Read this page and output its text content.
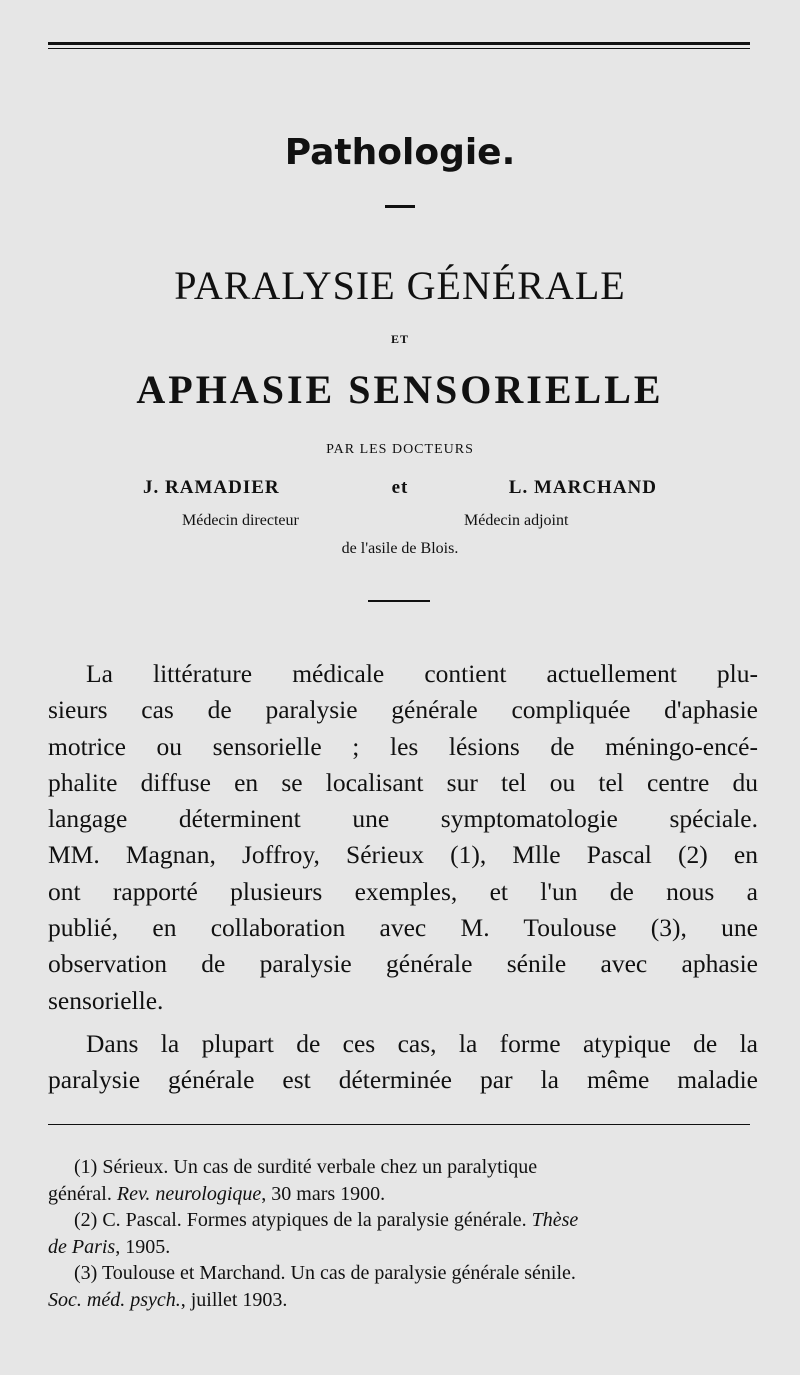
Pathologie.
PARALYSIE GÉNÉRALE
ET
APHASIE SENSORIELLE
PAR LES DOCTEURS
J. RAMADIER	et	L. MARCHAND
Médecin directeur	Médecin adjoint
de l'asile de Blois.
La littérature médicale contient actuellement plu-
sieurs cas de paralysie générale compliquée d'aphasie
motrice ou sensorielle ; les lésions de méningo-encé-
phalite diffuse en se localisant sur tel ou tel centre du
langage déterminent une symptomatologie spéciale.
MM. Magnan, Joffroy, Sérieux (1), Mlle Pascal (2) en
ont rapporté plusieurs exemples, et l'un de nous a
publié, en collaboration avec M. Toulouse (3), une
observation de paralysie générale sénile avec aphasie
sensorielle.
Dans la plupart de ces cas, la forme atypique de la
paralysie générale est déterminée par la même maladie
(1) Sérieux. Un cas de surdité verbale chez un paralytique
général. Rev. neurologique, 30 mars 1900.
(2) C. Pascal. Formes atypiques de la paralysie générale. Thèse
de Paris, 1905.
(3) Toulouse et Marchand. Un cas de paralysie générale sénile.
Soc. méd. psych., juillet 1903.
